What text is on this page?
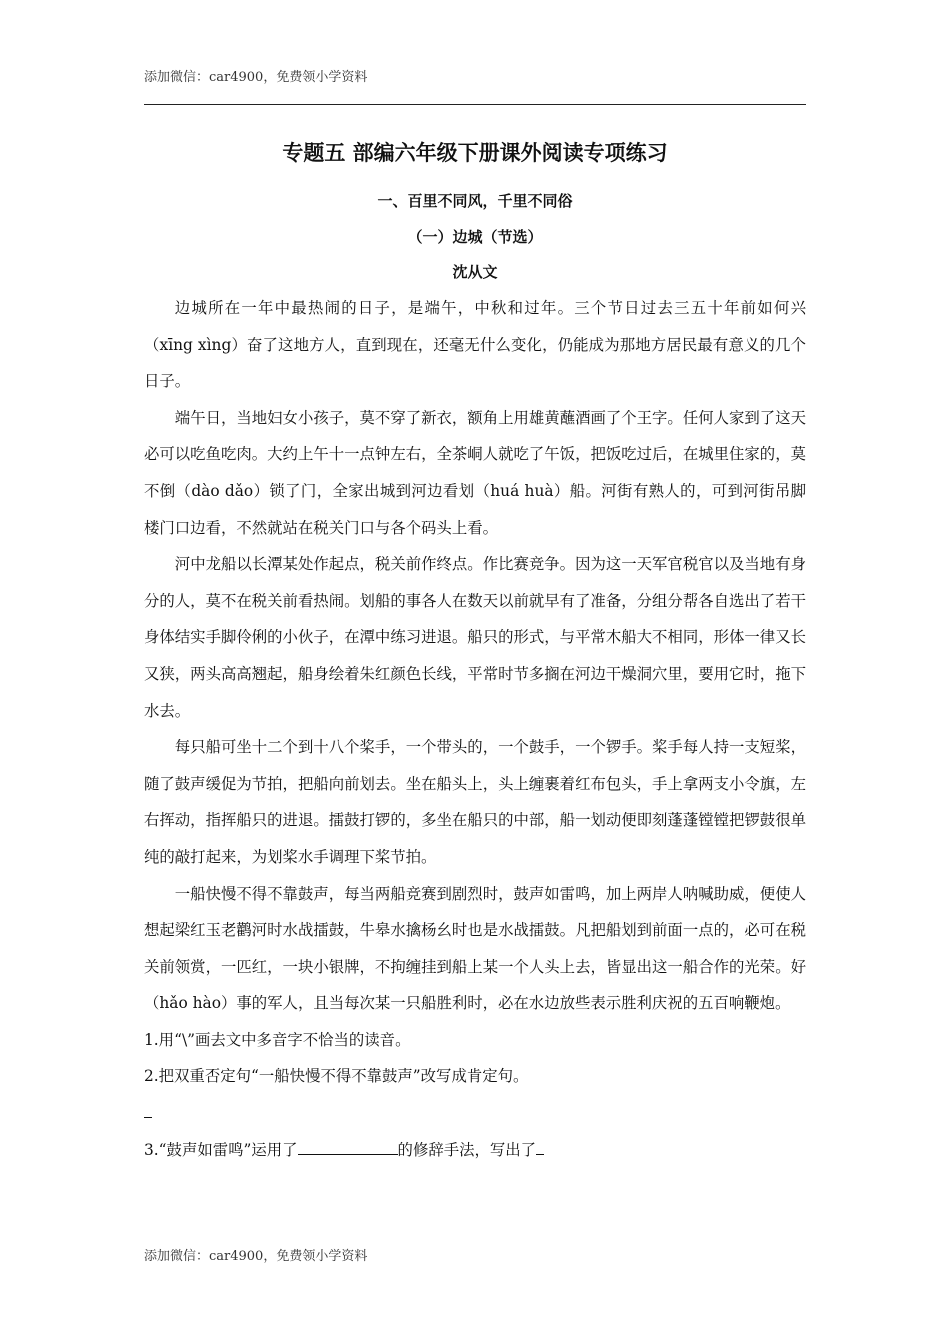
添加微信：car4900，免费领小学资料
专题五 部编六年级下册课外阅读专项练习
一、百里不同风，千里不同俗
（一）边城（节选）
沈从文

边城所在一年中最热闹的日子，是端午，中秋和过年。三个节日过去三五十年前如何兴（xīng xìng）奋了这地方人，直到现在，还毫无什么变化，仍能成为那地方居民最有意义的几个日子。

端午日，当地妇女小孩子，莫不穿了新衣，额角上用雄黄蘸酒画了个王字。任何人家到了这天必可以吃鱼吃肉。大约上午十一点钟左右，全茶峒人就吃了午饭，把饭吃过后，在城里住家的，莫不倒（dào dǎo）锁了门，全家出城到河边看划（huá huà）船。河街有熟人的，可到河街吊脚楼门口边看，不然就站在税关门口与各个码头上看。

河中龙船以长潭某处作起点，税关前作终点。作比赛竞争。因为这一天军官税官以及当地有身分的人，莫不在税关前看热闹。划船的事各人在数天以前就早有了准备，分组分帮各自选出了若干身体结实手脚伶俐的小伙子，在潭中练习进退。船只的形式，与平常木船大不相同，形体一律又长又狭，两头高高翘起，船身绘着朱红颜色长线，平常时节多搁在河边干燥洞穴里，要用它时，拖下水去。

每只船可坐十二个到十八个桨手，一个带头的，一个鼓手，一个锣手。桨手每人持一支短桨，随了鼓声缓促为节拍，把船向前划去。坐在船头上，头上缠裹着红布包头，手上拿两支小令旗，左右挥动，指挥船只的进退。擂鼓打锣的，多坐在船只的中部，船一划动便即刻蓬蓬镗镗把锣鼓很单纯的敲打起来，为划桨水手调理下桨节拍。

一船快慢不得不靠鼓声，每当两船竞赛到剧烈时，鼓声如雷鸣，加上两岸人呐喊助威，便使人想起梁红玉老鹳河时水战擂鼓，牛皋水擒杨幺时也是水战擂鼓。凡把船划到前面一点的，必可在税关前领赏，一匹红，一块小银牌，不拘缠挂到船上某一个人头上去，皆显出这一船合作的光荣。好（hǎo hào）事的军人，且当每次某一只船胜利时，必在水边放些表示胜利庆祝的五百响鞭炮。

1.用“\”画去文中多音字不恰当的读音。

2.把双重否定句“一船快慢不得不靠鼓声”改写成肯定句。

3.“鼓声如雷鸣”运用了	的修辞手法，写出了

添加微信：car4900，免费领小学资料
